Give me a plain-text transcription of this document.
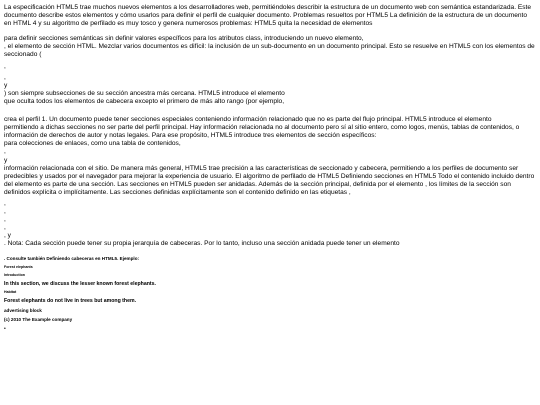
La especificación HTML5 trae muchos nuevos elementos a los desarrolladores web, permitiéndoles describir la estructura de un documento web con semántica estandarizada. Este documento describe estos elementos y cómo usarlos para definir el perfil de cualquier documento. Problemas resueltos por HTML5 La definición de la estructura de un documento en HTML 4 y su algoritmo de perfilado es muy tosco y genera numerosos problemas: HTML5 quita la necesidad de elementos

para definir secciones semánticas sin definir valores específicos para los atributos class, introduciendo un nuevo elemento,

, el elemento de sección HTML. Mezclar varios documentos es difícil: la inclusión de un sub-documento en un documento principal. Esto se resuelve en HTML5 con los elementos de seccionado (

,

,

y

) son siempre subsecciones de su sección ancestra más cercana. HTML5 introduce el elemento

que oculta todos los elementos de cabecera excepto el primero de más alto rango (por ejemplo,

crea el perfil 1. Un documento puede tener secciones especiales conteniendo información relacionado que no es parte del flujo principal. HTML5 introduce el elemento

permitiendo a dichas secciones no ser parte del perfil principal. Hay información relacionada no al documento pero sí al sitio entero, como logos, menús, tablas de contenidos, o información de derechos de autor y notas legales. Para ese propósito, HTML5 introduce tres elementos de sección específicos:

para colecciones de enlaces, como una tabla de contenidos,

,

y

información relacionada con el sitio. De manera más general, HTML5 trae precisión a las características de seccionado y cabecera, permitiendo a los perfiles de documento ser predecibles y usados por el navegador para mejorar la experiencia de usuario. El algoritmo de perfilado de HTML5 Definiendo secciones en HTML5 Todo el contenido incluido dentro del elemento es parte de una sección. Las secciones en HTML5 pueden ser anidadas. Además de la sección principal, definida por el elemento , los límites de la sección son definidos explícita o implícitamente. Las secciones definidas explícitamente son el contenido definido en las etiquetas ,

,

,

,

,

, y

. Nota: Cada sección puede tener su propia jerarquía de cabeceras. Por lo tanto, incluso una sección anidada puede tener un elemento

. Consulte también Definiendo cabeceras en HTML5. Ejemplo:

Forest elephants

Introduction

In this section, we discuss the lesser known forest elephants.

Habitat

Forest elephants do not live in trees but among them.

advertising block

(c) 2010 The Example company

•
